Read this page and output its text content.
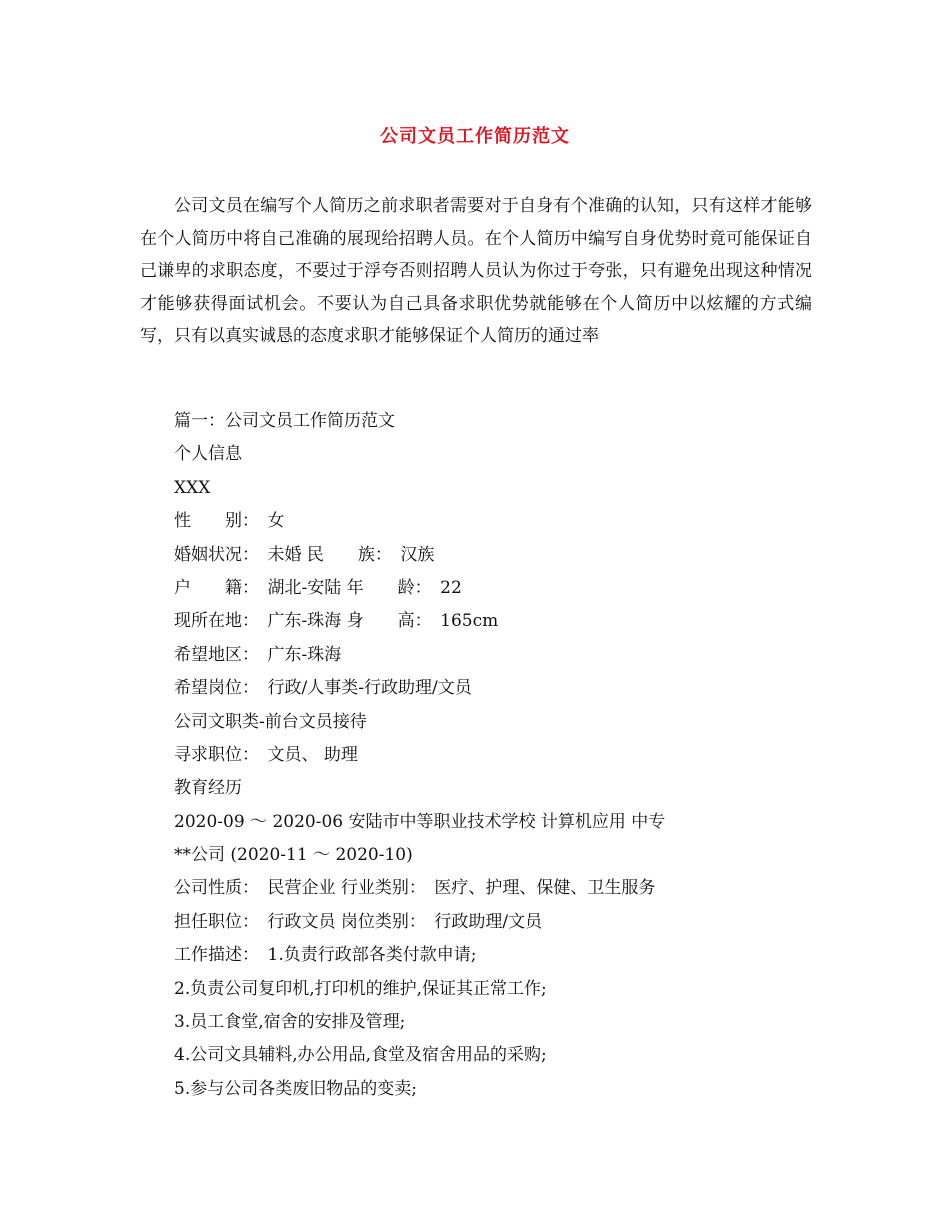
公司文员工作简历范文

公司文员在编写个人简历之前求职者需要对于自身有个准确的认知，只有这样才能够在个人简历中将自己准确的展现给招聘人员。在个人简历中编写自身优势时竟可能保证自己谦卑的求职态度，不要过于浮夸否则招聘人员认为你过于夸张，只有避免出现这种情况才能够获得面试机会。不要认为自己具备求职优势就能够在个人简历中以炫耀的方式编写，只有以真实诚恳的态度求职才能够保证个人简历的通过率

篇一：公司文员工作简历范文
个人信息
XXX
性　　别：　女
婚姻状况：　未婚 民　　族：　汉族
户　　籍：　湖北-安陆 年　　龄：　22
现所在地：　广东-珠海 身　　高：　165cm
希望地区：　广东-珠海
希望岗位：　行政/人事类-行政助理/文员
公司文职类-前台文员接待
寻求职位：　文员、 助理
教育经历
2020-09 ～ 2020-06 安陆市中等职业技术学校 计算机应用 中专
**公司 (2020-11 ～ 2020-10)
公司性质：　民营企业 行业类别：　医疗、护理、保健、卫生服务
担任职位：　行政文员 岗位类别：　行政助理/文员
工作描述：　1.负责行政部各类付款申请;
2.负责公司复印机,打印机的维护,保证其正常工作;
3.员工食堂,宿舍的安排及管理;
4.公司文具辅料,办公用品,食堂及宿舍用品的采购;
5.参与公司各类废旧物品的变卖;
